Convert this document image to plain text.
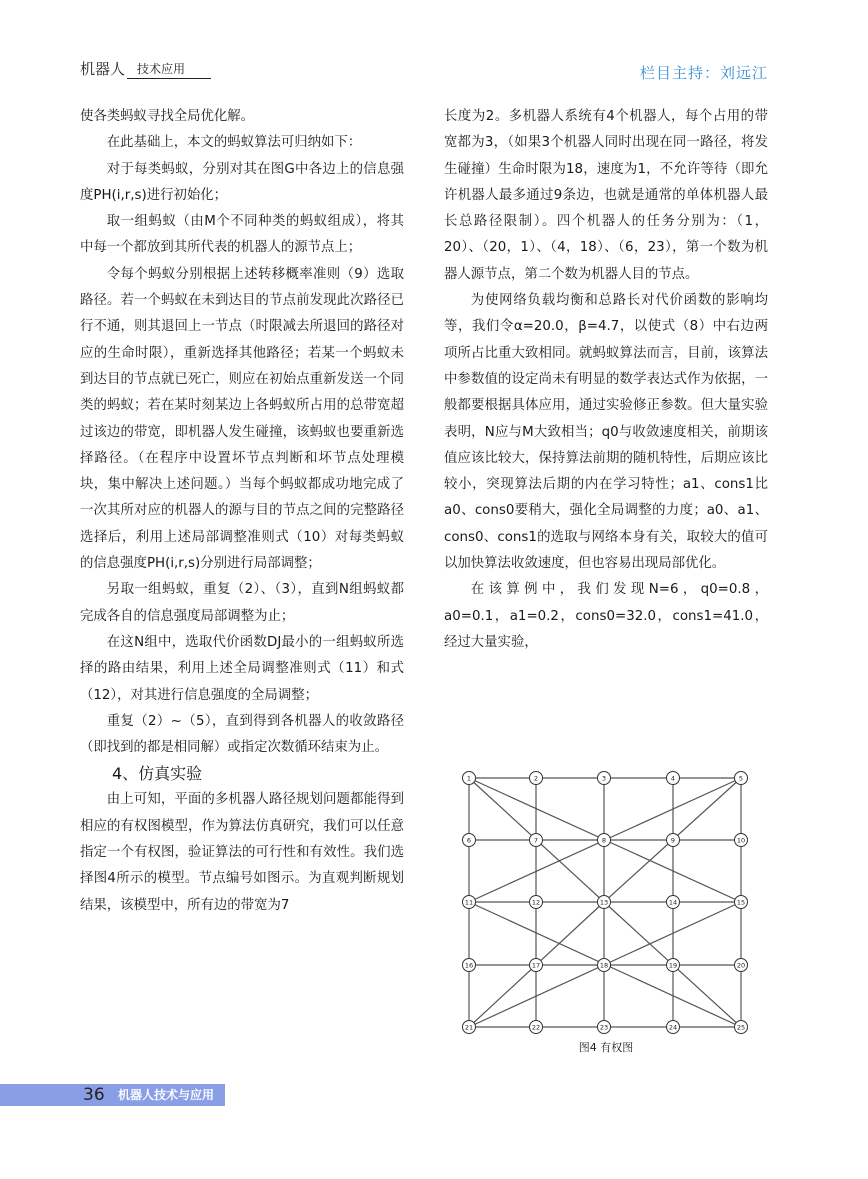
机器人	技术应用	栏目主持：刘远江

使各类蚂蚁寻找全局优化解。

在此基础上，本文的蚂蚁算法可归纳如下：

对于每类蚂蚁，分别对其在图G中各边上的信息强度PH(i,r,s)进行初始化；

取一组蚂蚁（由M个不同种类的蚂蚁组成），将其中每一个都放到其所代表的机器人的源节点上；

令每个蚂蚁分别根据上述转移概率准则（9）选取路径。若一个蚂蚁在未到达目的节点前发现此次路径已行不通，则其退回上一节点（时限减去所退回的路径对应的生命时限），重新选择其他路径；若某一个蚂蚁未到达目的节点就已死亡，则应在初始点重新发送一个同类的蚂蚁；若在某时刻某边上各蚂蚁所占用的总带宽超过该边的带宽，即机器人发生碰撞，该蚂蚁也要重新选择路径。（在程序中设置坏节点判断和坏节点处理模块，集中解决上述问题。）当每个蚂蚁都成功地完成了一次其所对应的机器人的源与目的节点之间的完整路径选择后，利用上述局部调整准则式（10）对每类蚂蚁的信息强度PH(i,r,s)分别进行局部调整；

另取一组蚂蚁，重复（2）、（3），直到N组蚂蚁都完成各自的信息强度局部调整为止；

在这N组中，选取代价函数DJ最小的一组蚂蚁所选择的路由结果，利用上述全局调整准则式（11）和式（12），对其进行信息强度的全局调整；

重复（2）~（5），直到得到各机器人的收敛路径（即找到的都是相同解）或指定次数循环结束为止。

4、仿真实验

由上可知，平面的多机器人路径规划问题都能得到相应的有权图模型，作为算法仿真研究，我们可以任意指定一个有权图，验证算法的可行性和有效性。我们选择图4所示的模型。节点编号如图示。为直观判断规划结果，该模型中，所有边的带宽为7

长度为2。多机器人系统有4个机器人，每个占用的带宽都为3，（如果3个机器人同时出现在同一路径，将发生碰撞）生命时限为18，速度为1，不允许等待（即允许机器人最多通过9条边，也就是通常的单体机器人最长总路径限制）。四个机器人的任务分别为：（1，20）、（20，1）、（4，18）、（6，23），第一个数为机器人源节点，第二个数为机器人目的节点。

为使网络负载均衡和总路长对代价函数的影响均等，我们令α=20.0，β=4.7，以使式（8）中右边两项所占比重大致相同。就蚂蚁算法而言，目前，该算法中参数值的设定尚未有明显的数学表达式作为依据，一般都要根据具体应用，通过实验修正参数。但大量实验表明，N应与M大致相当；q0与收敛速度相关，前期该值应该比较大，保持算法前期的随机特性，后期应该比较小，突现算法后期的内在学习特性；a1、cons1比a0、cons0要稍大，强化全局调整的力度；a0、a1、cons0、cons1的选取与网络本身有关，取较大的值可以加快算法收敛速度，但也容易出现局部优化。

在该算例中，我们发现N=6，q0=0.8，a0=0.1，a1=0.2，cons0=32.0，cons1=41.0，经过大量实验，

1	2	3	4	5
6	7	8	9	10
11	12	13	14	15
16	17	18	19	20
21	22	23	24	25
图4 有权图
36 机器人技术与应用
